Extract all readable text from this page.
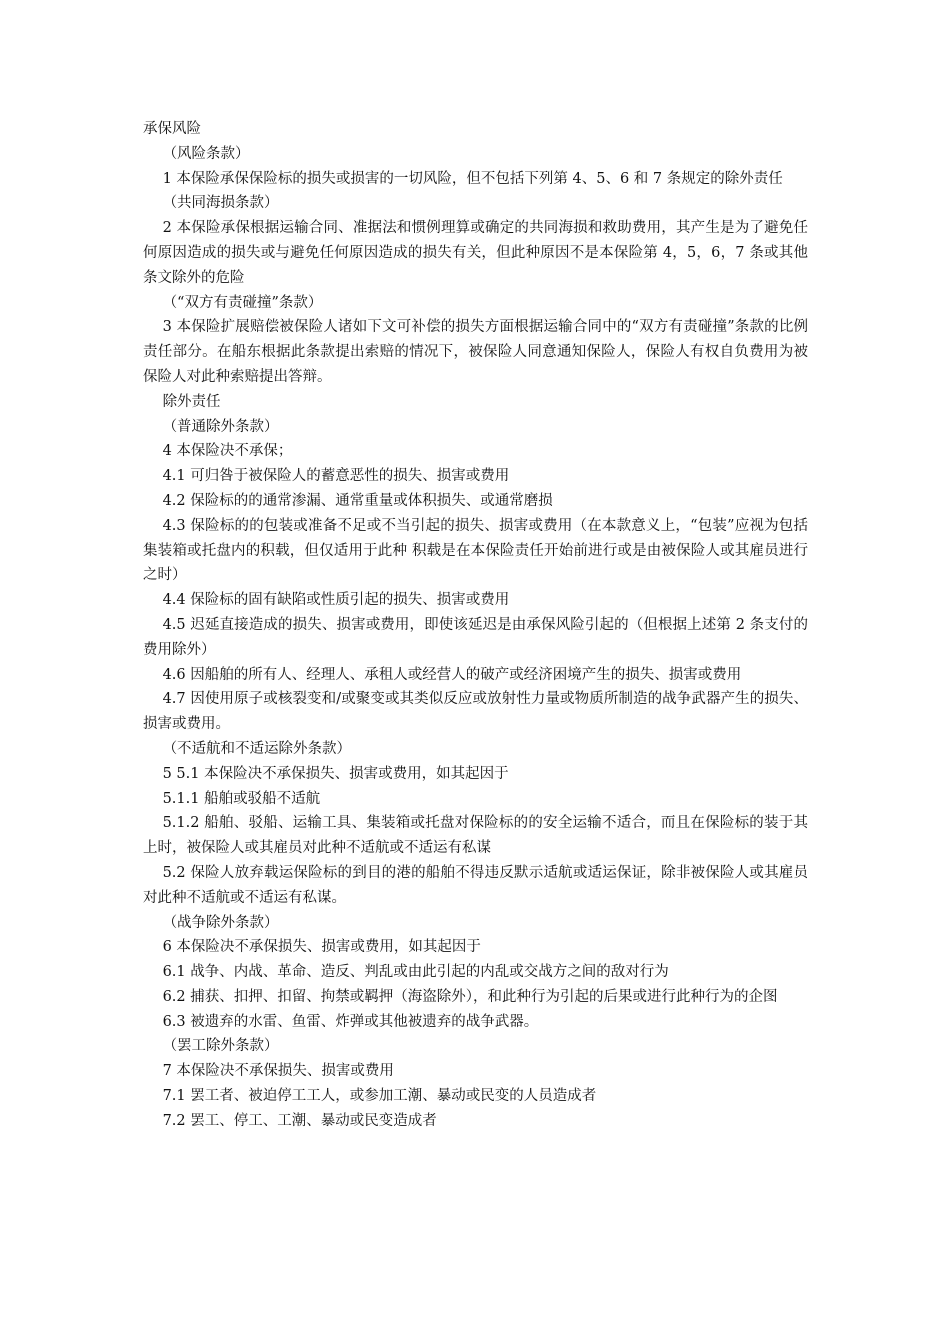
承保风险

（风险条款）

1 本保险承保保险标的损失或损害的一切风险，但不包括下列第 4、5、6 和 7 条规定的除外责任

（共同海损条款）

2 本保险承保根据运输合同、准据法和惯例理算或确定的共同海损和救助费用，其产生是为了避免任何原因造成的损失或与避免任何原因造成的损失有关，但此种原因不是本保险第 4，5，6，7 条或其他条文除外的危险

（“双方有责碰撞”条款）

3 本保险扩展赔偿被保险人诸如下文可补偿的损失方面根据运输合同中的“双方有责碰撞”条款的比例责任部分。在船东根据此条款提出索赔的情况下，被保险人同意通知保险人，保险人有权自负费用为被保险人对此种索赔提出答辩。

除外责任

（普通除外条款）

4 本保险决不承保；

4.1 可归咎于被保险人的蓄意恶性的损失、损害或费用

4.2 保险标的的通常渗漏、通常重量或体积损失、或通常磨损

4.3 保险标的的包装或准备不足或不当引起的损失、损害或费用（在本款意义上，“包装”应视为包括集装箱或托盘内的积载，但仅适用于此种 积载是在本保险责任开始前进行或是由被保险人或其雇员进行之时）

4.4 保险标的固有缺陷或性质引起的损失、损害或费用

4.5 迟延直接造成的损失、损害或费用，即使该延迟是由承保风险引起的（但根据上述第 2 条支付的费用除外）

4.6 因船舶的所有人、经理人、承租人或经营人的破产或经济困境产生的损失、损害或费用

4.7 因使用原子或核裂变和/或聚变或其类似反应或放射性力量或物质所制造的战争武器产生的损失、损害或费用。

（不适航和不适运除外条款）

5 5.1 本保险决不承保损失、损害或费用，如其起因于

5.1.1 船舶或驳船不适航

5.1.2 船舶、驳船、运输工具、集装箱或托盘对保险标的的安全运输不适合，而且在保险标的装于其上时，被保险人或其雇员对此种不适航或不适运有私谋

5.2 保险人放弃载运保险标的到目的港的船舶不得违反默示适航或适运保证，除非被保险人或其雇员对此种不适航或不适运有私谋。

（战争除外条款）

6 本保险决不承保损失、损害或费用，如其起因于

6.1 战争、内战、革命、造反、判乱或由此引起的内乱或交战方之间的敌对行为

6.2 捕获、扣押、扣留、拘禁或羁押（海盗除外），和此种行为引起的后果或进行此种行为的企图

6.3 被遗弃的水雷、鱼雷、炸弹或其他被遗弃的战争武器。

（罢工除外条款）

7 本保险决不承保损失、损害或费用

7.1 罢工者、被迫停工工人，或参加工潮、暴动或民变的人员造成者

7.2 罢工、停工、工潮、暴动或民变造成者
